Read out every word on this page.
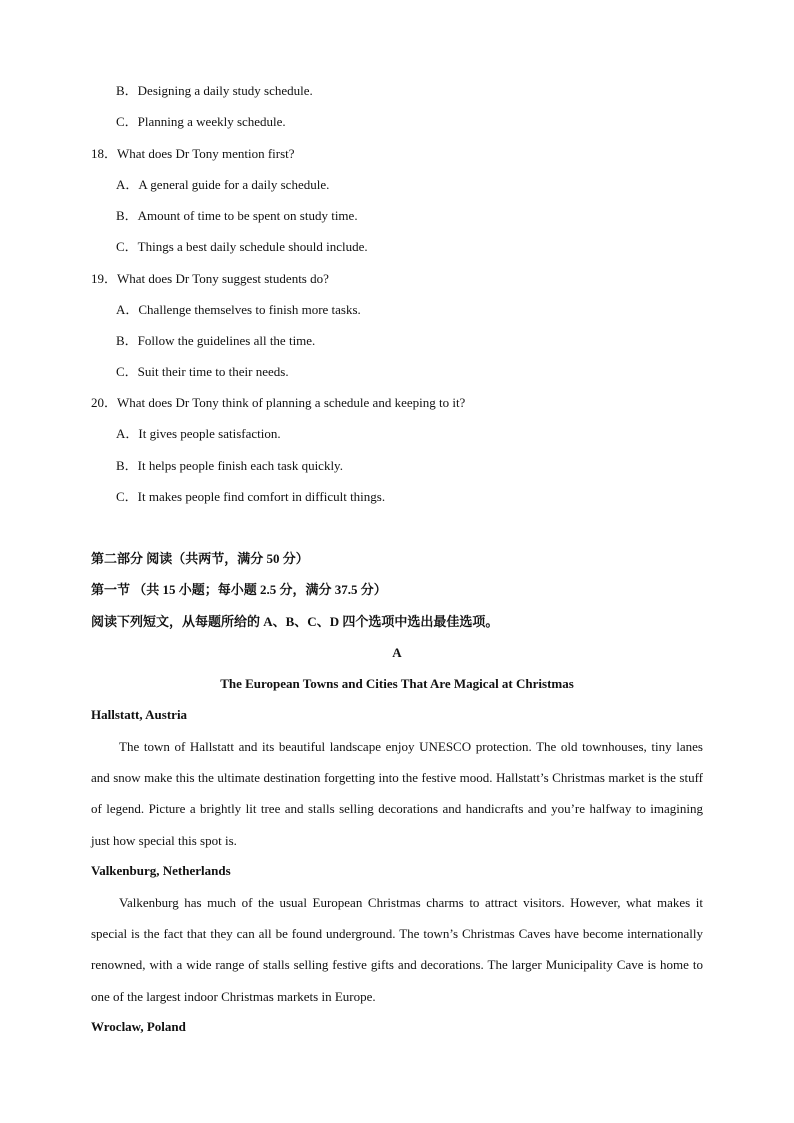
B．Designing a daily study schedule.
C．Planning a weekly schedule.
18．What does Dr Tony mention first?
A．A general guide for a daily schedule.
B．Amount of time to be spent on study time.
C．Things a best daily schedule should include.
19．What does Dr Tony suggest students do?
A．Challenge themselves to finish more tasks.
B．Follow the guidelines all the time.
C．Suit their time to their needs.
20．What does Dr Tony think of planning a schedule and keeping to it?
A．It gives people satisfaction.
B．It helps people finish each task quickly.
C．It makes people find comfort in difficult things.
第二部分 阅读（共两节，满分 50 分）
第一节 （共 15 小题；每小题 2.5 分，满分 37.5 分）
阅读下列短文，从每题所给的 A、B、C、D 四个选项中选出最佳选项。
A
The European Towns and Cities That Are Magical at Christmas
Hallstatt, Austria
The town of Hallstatt and its beautiful landscape enjoy UNESCO protection. The old townhouses, tiny lanes and snow make this the ultimate destination forgetting into the festive mood. Hallstatt’s Christmas market is the stuff of legend. Picture a brightly lit tree and stalls selling decorations and handicrafts and you’re halfway to imagining just how special this spot is.
Valkenburg, Netherlands
Valkenburg has much of the usual European Christmas charms to attract visitors. However, what makes it special is the fact that they can all be found underground. The town’s Christmas Caves have become internationally renowned, with a wide range of stalls selling festive gifts and decorations. The larger Municipality Cave is home to one of the largest indoor Christmas markets in Europe.
Wroclaw, Poland
